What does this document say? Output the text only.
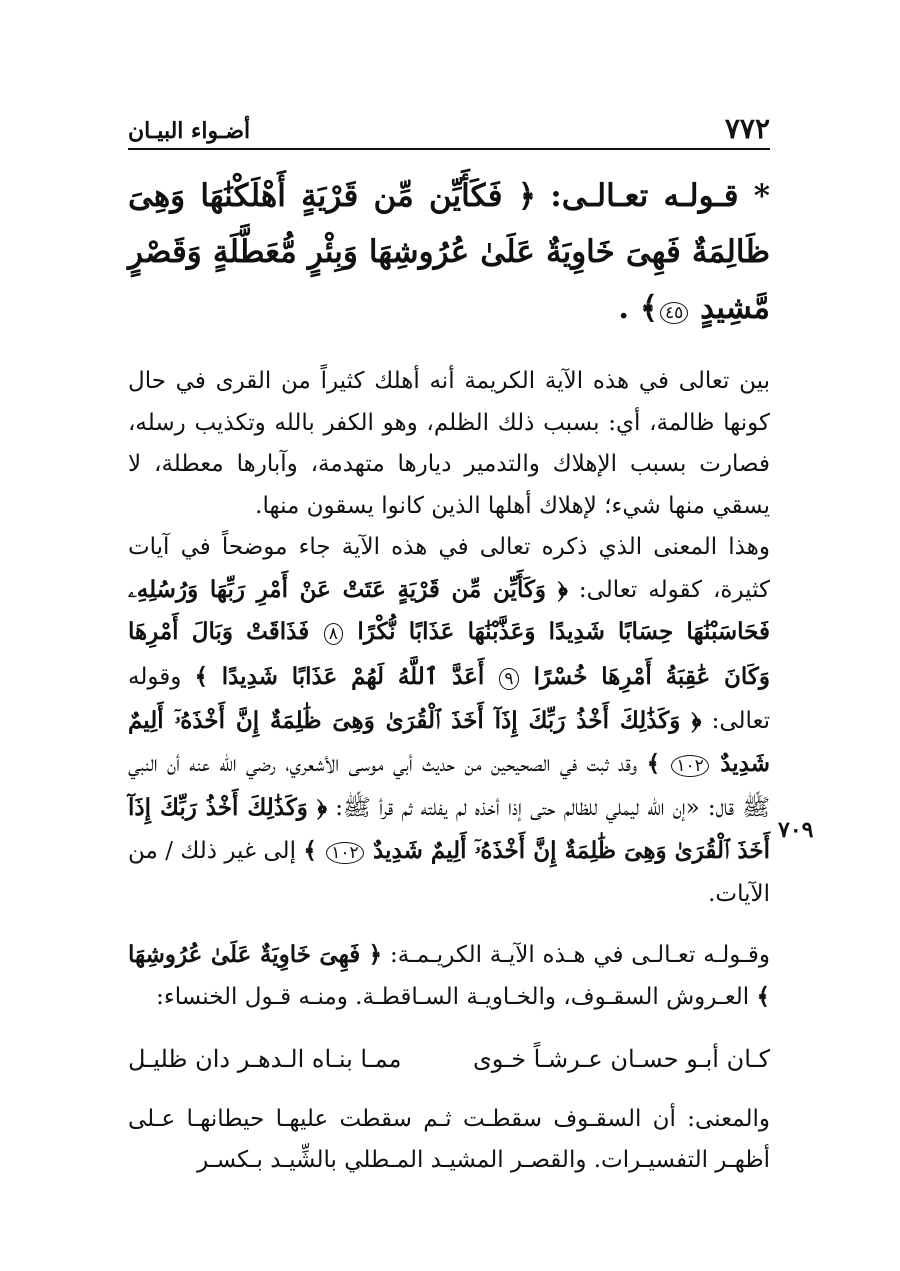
٧٧٢
أضـواء البيـان
٧٠٩
* قـولـه تعـالـى: ﴿ فَكَأَيِّن مِّن قَرْيَةٍ أَهْلَكْنَٰهَا وَهِىَ ظَالِمَةٌ فَهِىَ خَاوِيَةٌ عَلَىٰ عُرُوشِهَا وَبِئْرٍ مُّعَطَّلَةٍ وَقَصْرٍ مَّشِيدٍ ٤٥﴾ .

بين تعالى في هذه الآية الكريمة أنه أهلك كثيراً من القرى في حال كونها ظالمة، أي: بسبب ذلك الظلم، وهو الكفر بالله وتكذيب رسله، فصارت بسبب الإهلاك والتدمير ديارها متهدمة، وآبارها معطلة، لا يسقي منها شيء؛ لإهلاك أهلها الذين كانوا يسقون منها.
وهذا المعنى الذي ذكره تعالى في هذه الآية جاء موضحاً في آيات كثيرة، كقوله تعالى: ﴿ وَكَأَيِّن مِّن قَرْيَةٍ عَتَتْ عَنْ أَمْرِ رَبِّهَا وَرُسُلِهِۦ فَحَاسَبْنَٰهَا حِسَابًا شَدِيدًا وَعَذَّبْنَٰهَا عَذَابًا نُّكْرًا ٨ فَذَاقَتْ وَبَالَ أَمْرِهَا وَكَانَ عَٰقِبَةُ أَمْرِهَا خُسْرًا ٩ أَعَدَّ ٱللَّهُ لَهُمْ عَذَابًا شَدِيدًا ﴾ وقوله تعالى: ﴿ وَكَذَٰلِكَ أَخْذُ رَبِّكَ إِذَآ أَخَذَ ٱلْقُرَىٰ وَهِىَ ظَٰلِمَةٌ إِنَّ أَخْذَهُۥٓ أَلِيمٌ شَدِيدٌ ١٠٢ ﴾ وقد ثبت في الصحيحين من حديث أبي موسى الأشعري، رضي الله عنه أن النبي ﷺ قال: «إن الله ليملي للظالم حتى إذا أخذه لم يفلته ثم قرأ ﷺ: ﴿ وَكَذَٰلِكَ أَخْذُ رَبِّكَ إِذَآ أَخَذَ ٱلْقُرَىٰ وَهِىَ ظَٰلِمَةٌ إِنَّ أَخْذَهُۥٓ أَلِيمٌ شَدِيدٌ ١٠٢ ﴾ إلى غير ذلك / من الآيات.

وقـولـه تعـالـى في هـذه الآيـة الكريـمـة: ﴿ فَهِىَ خَاوِيَةٌ عَلَىٰ عُرُوشِهَا ﴾ العـروش السقـوف، والخـاويـة السـاقطـة. ومنـه قـول الخنساء:

كـان أبـو حسـان عـرشـاً خـوى
ممـا بنـاه الـدهـر دان ظليـل

والمعنى: أن السقـوف سقطـت ثـم سقطت عليهـا حيطانهـا عـلى أظهـر التفسيـرات. والقصـر المشيـد المـطلي بالشِّيـد بـكسـر
